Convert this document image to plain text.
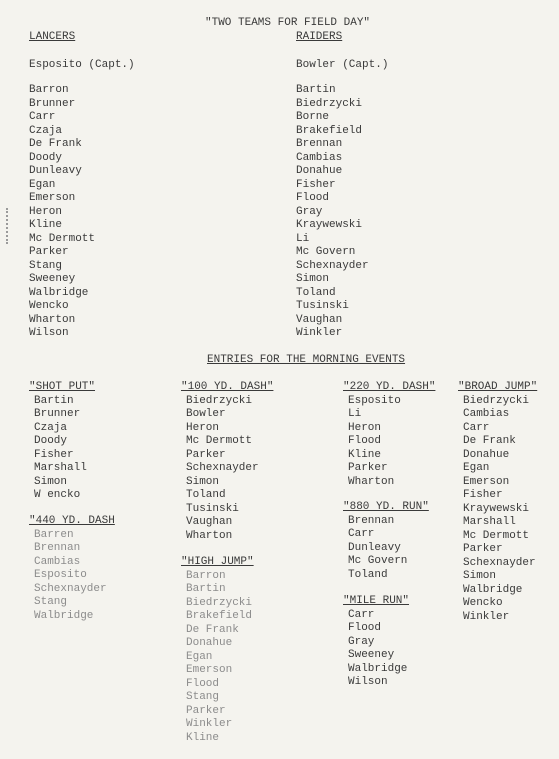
"TWO TEAMS FOR FIELD DAY"
LANCERS	RAIDERS
Esposito (Capt.)	Bowler (Capt.)
Barron
Brunner
Carr
Czaja
De Frank
Doody
Dunleavy
Egan
Emerson
Heron
Kline
Mc Dermott
Parker
Stang
Sweeney
Walbridge
Wencko
Wharton
Wilson
Bartin
Biedrzycki
Borne
Brakefield
Brennan
Cambias
Donahue
Fisher
Flood
Gray
Kraywewski
Li
Mc Govern
Schexnayder
Simon
Toland
Tusinski
Vaughan
Winkler
ENTRIES FOR THE MORNING EVENTS
"SHOT PUT"
Bartin
Brunner
Czaja
Doody
Fisher
Marshall
Simon
W encko
"440 YD. DASH
Barren
Brennan
Cambias
Esposito
Schexnayder
Stang
Walbridge
"100 YD. DASH"
Biedrzycki
Bowler
Heron
Mc Dermott
Parker
Schexnayder
Simon
Toland
Tusinski
Vaughan
Wharton
"HIGH JUMP"
Barron
Bartin
Biedrzycki
Brakefield
De Frank
Donahue
Egan
Emerson
Flood
Stang
Parker
Winkler
Kline
"220 YD. DASH"
Esposito
Li
Heron
Flood
Kline
Parker
Wharton
"880 YD. RUN"
Brennan
Carr
Dunleavy
Mc Govern
Toland
"MILE RUN"
Carr
Flood
Gray
Sweeney
Walbridge
Wilson
"BROAD JUMP"
Biedrzycki
Cambias
Carr
De Frank
Donahue
Egan
Emerson
Fisher
Kraywewski
Marshall
Mc Dermott
Parker
Schexnayder
Simon
Walbridge
Wencko
Winkler
